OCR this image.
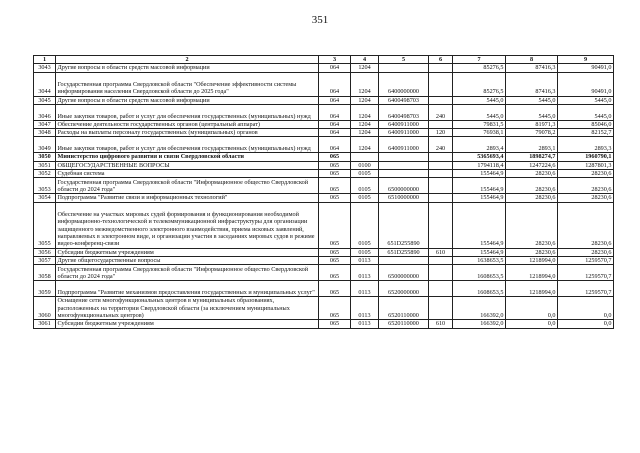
351
1	2	3	4	5	6	7	8	9
3043	Другие вопросы в области средств массовой информации	064	1204			85276,5	87416,3	90491,0
3044	Государственная программа Свердловской области "Обеспечение эффективности системы информирования населения Свердловской области до 2025 года"	064	1204	6400000000		85276,5	87416,3	90491,0
3045	Другие вопросы в области средств массовой информации	064	1204	6400498703		5445,0	5445,0	5445,0
3046	Иные закупки товаров, работ и услуг для обеспечения государственных (муниципальных) нужд	064	1204	6400498703	240	5445,0	5445,0	5445,0
3047	Обеспечение деятельности государственных органов (центральный аппарат)	064	1204	6400911000		79831,5	81971,3	85046,0
3048	Расходы на выплаты персоналу государственных (муниципальных) органов	064	1204	6400911000	120	76938,1	79078,2	82152,7
3049	Иные закупки товаров, работ и услуг для обеспечения государственных (муниципальных) нужд	064	1204	6400911000	240	2893,4	2893,1	2893,3
3050	Министерство цифрового развития и связи Свердловской области	065				5365693,4	1898274,7	1960790,1
3051	ОБЩЕГОСУДАРСТВЕННЫЕ ВОПРОСЫ	065	0100			1794118,4	1247224,6	1287801,3
3052	Судебная система	065	0105			155464,9	28230,6	28230,6
3053	Государственная программа Свердловской области "Информационное общество Свердловской области до 2024 года"	065	0105	6500000000		155464,9	28230,6	28230,6
3054	Подпрограмма "Развитие связи и информационных технологий"	065	0105	6510000000		155464,9	28230,6	28230,6
3055	Обеспечение на участках мировых судей формирования и функционирования необходимой информационно-технологической и телекоммуникационной инфраструктуры для организации защищенного межведомственного электронного взаимодействия, приема исковых заявлений, направляемых в электронном виде, и организации участия в заседаниях мировых судов в режиме видео-конференц-связи	065	0105	651D255890		155464,9	28230,6	28230,6
3056	Субсидии бюджетным учреждениям	065	0105	651D255890	610	155464,9	28230,6	28230,6
3057	Другие общегосударственные вопросы	065	0113			1638653,5	1218994,0	1259570,7
3058	Государственная программа Свердловской области "Информационное общество Свердловской области до 2024 года"	065	0113	6500000000		1608653,5	1218994,0	1259570,7
3059	Подпрограмма "Развитие механизмов предоставления государственных и муниципальных услуг"	065	0113	6520000000		1608653,5	1218994,0	1259570,7
3060	Оснащение сети многофункциональных центров в муниципальных образованиях, расположенных на территории Свердловской области (за исключением муниципальных многофункциональных центров)	065	0113	6520110000		166392,0	0,0	0,0
3061	Субсидии бюджетным учреждениям	065	0113	6520110000	610	166392,0	0,0	0,0
